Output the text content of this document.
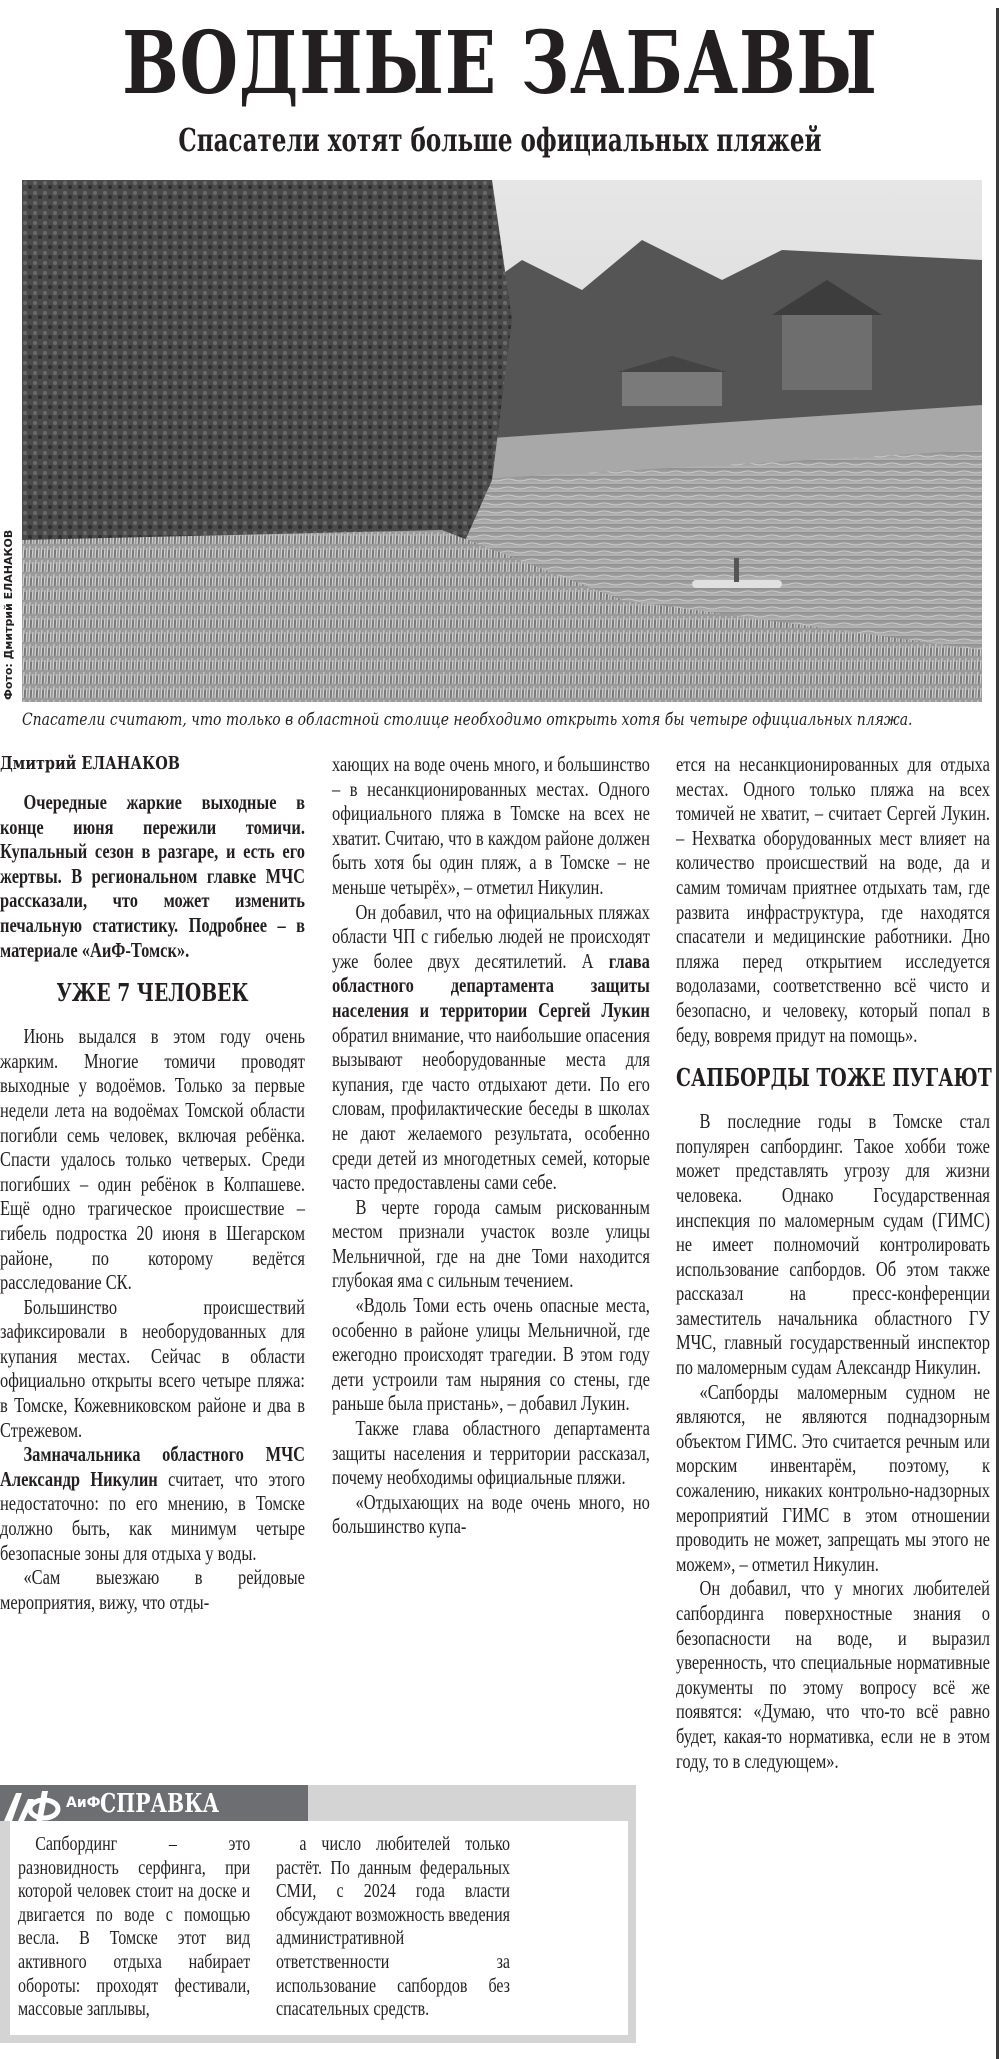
ВОДНЫЕ ЗАБАВЫ
Спасатели хотят больше официальных пляжей
Фото: Дмитрий ЕЛАНАКОВ
Спасатели считают, что только в областной столице необходимо открыть хотя бы четыре официальных пляжа.
Дмитрий ЕЛАНАКОВ

Очередные жаркие выходные в конце июня пережили томичи. Купальный сезон в разгаре, и есть его жертвы. В региональном главке МЧС рассказали, что может изменить печальную статистику. Подробнее – в материале «АиФ-Томск».

УЖЕ 7 ЧЕЛОВЕК

Июнь выдался в этом году очень жарким. Многие томичи проводят выходные у водоёмов. Только за первые недели лета на водоёмах Томской области погибли семь человек, включая ребёнка. Спасти удалось только четверых. Среди погибших – один ребёнок в Колпашеве. Ещё одно трагическое происшествие – гибель подростка 20 июня в Шегарском районе, по которому ведётся расследование СК.

Большинство происшествий зафиксировали в необорудованных для купания местах. Сейчас в области официально открыты всего четыре пляжа: в Томске, Кожевниковском районе и два в Стрежевом.

Замначальника областного МЧС Александр Никулин считает, что этого недостаточно: по его мнению, в Томске должно быть, как минимум четыре безопасные зоны для отдыха у воды.

«Сам выезжаю в рейдовые мероприятия, вижу, что отды-

хающих на воде очень много, и большинство – в несанкционированных местах. Одного официального пляжа в Томске на всех не хватит. Считаю, что в каждом районе должен быть хотя бы один пляж, а в Томске – не меньше четырёх», – отметил Никулин.

Он добавил, что на официальных пляжах области ЧП с гибелью людей не происходят уже более двух десятилетий. А глава областного департамента защиты населения и территории Сергей Лукин обратил внимание, что наибольшие опасения вызывают необорудованные места для купания, где часто отдыхают дети. По его словам, профилактические беседы в школах не дают желаемого результата, особенно среди детей из многодетных семей, которые часто предоставлены сами себе.

В черте города самым рискованным местом признали участок возле улицы Мельничной, где на дне Томи находится глубокая яма с сильным течением.

«Вдоль Томи есть очень опасные места, особенно в районе улицы Мельничной, где ежегодно происходят трагедии. В этом году дети устроили там ныряния со стены, где раньше была пристань», – добавил Лукин.

Также глава областного департамента защиты населения и территории рассказал, почему необходимы официальные пляжи.

«Отдыхающих на воде очень много, но большинство купа-

ется на несанкционированных для отдыха местах. Одного только пляжа на всех томичей не хватит, – считает Сергей Лукин. – Нехватка оборудованных мест влияет на количество происшествий на воде, да и самим томичам приятнее отдыхать там, где развита инфраструктура, где находятся спасатели и медицинские работники. Дно пляжа перед открытием исследуется водолазами, соответственно всё чисто и безопасно, и человеку, который попал в беду, вовремя придут на помощь».

САПБОРДЫ ТОЖЕ ПУГАЮТ

В последние годы в Томске стал популярен сапбординг. Такое хобби тоже может представлять угрозу для жизни человека. Однако Государственная инспекция по маломерным судам (ГИМС) не имеет полномочий контролировать использование сапбордов. Об этом также рассказал на пресс-конференции заместитель начальника областного ГУ МЧС, главный государственный инспектор по маломерным судам Александр Никулин.

«Сапборды маломерным судном не являются, не являются поднадзорным объектом ГИМС. Это считается речным или морским инвентарём, поэтому, к сожалению, никаких контрольно-надзорных мероприятий ГИМС в этом отношении проводить не может, запрещать мы этого не можем», – отметил Никулин.

Он добавил, что у многих любителей сапбординга поверхностные знания о безопасности на воде, и выразил уверенность, что специальные нормативные документы по этому вопросу всё же появятся: «Думаю, что что-то всё равно будет, какая-то нормативка, если не в этом году, то в следующем».

АиФ СПРАВКА

Сапбординг – это разновидность серфинга, при которой человек стоит на доске и двигается по воде с помощью весла. В Томске этот вид активного отдыха набирает обороты: проходят фестивали, массовые заплывы,

а число любителей только растёт. По данным федеральных СМИ, с 2024 года власти обсуждают возможность введения административной ответственности за использование сапбордов без спасательных средств.
